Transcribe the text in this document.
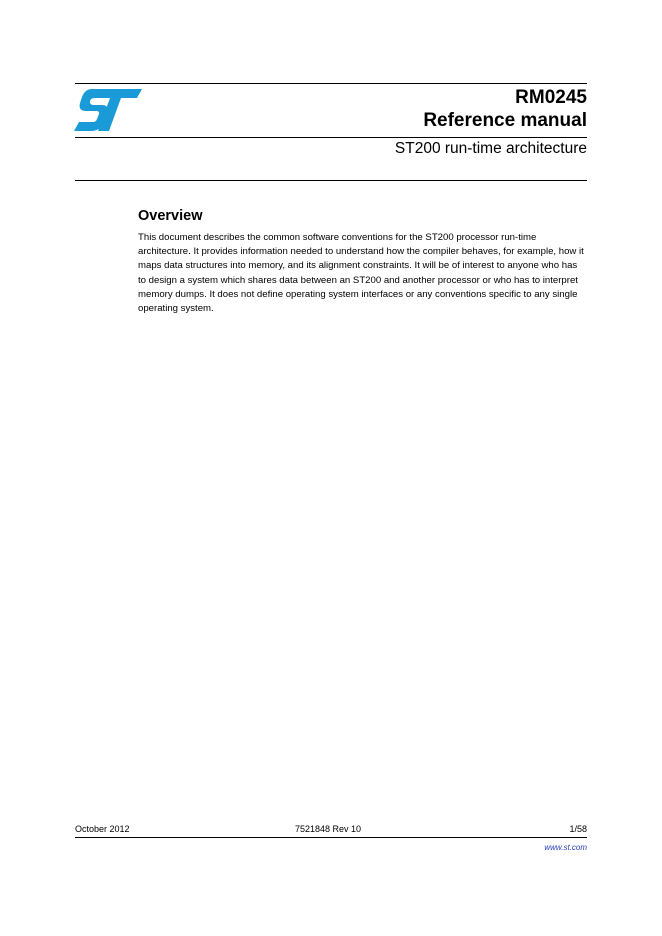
RM0245
Reference manual
ST200 run-time architecture
Overview

This document describes the common software conventions for the ST200 processor run-time architecture. It provides information needed to understand how the compiler behaves, for example, how it maps data structures into memory, and its alignment constraints. It will be of interest to anyone who has to design a system which shares data between an ST200 and another processor or who has to interpret memory dumps. It does not define operating system interfaces or any conventions specific to any single operating system.

October 2012	7521848 Rev 10	1/58
www.st.com
